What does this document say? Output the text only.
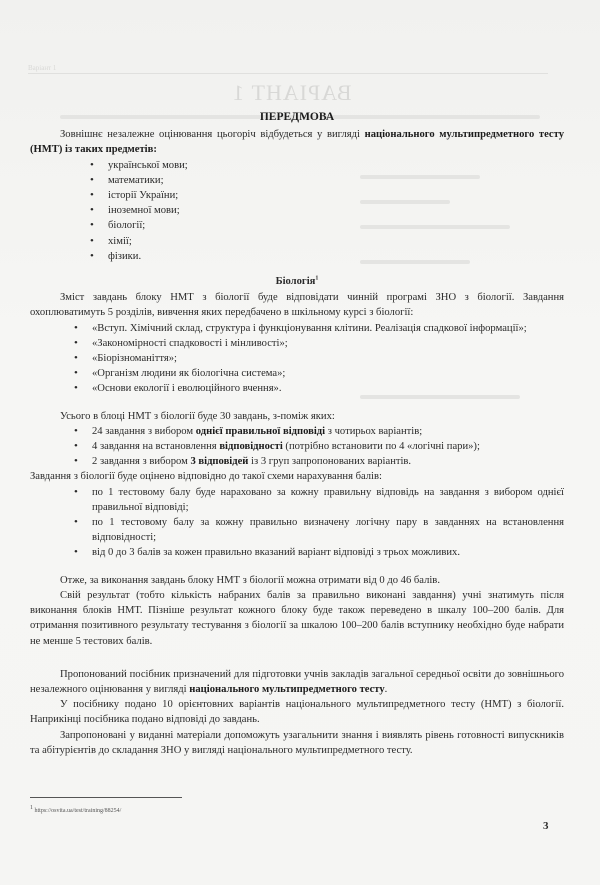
Варіант 1
ВАРІАНТ 1
ПЕРЕДМОВА

Зовнішнє незалежне оцінювання цьогоріч відбудеться у вигляді національного мультипредметного тесту (НМТ) із таких предметів:

• української мови;
• математики;
• історії України;
• іноземної мови;
• біології;
• хімії;
• фізики.
Біологія$^1$

Зміст завдань блоку НМТ з біології буде відповідати чинній програмі ЗНО з біології. Завдання охоплюватимуть 5 розділів, вивчення яких передбачено в шкільному курсі з біології:

• «Вступ. Хімічний склад, структура і функціонування клітини. Реалізація спадкової інформації»;
• «Закономірності спадковості і мінливості»;
• «Біорізноманіття»;
• «Організм людини як біологічна система»;
• «Основи екології і еволюційного вчення».

Усього в блоці НМТ з біології буде 30 завдань, з-поміж яких:

• 24 завдання з вибором однієї правильної відповіді з чотирьох варіантів;
• 4 завдання на встановлення відповідності (потрібно встановити по 4 «логічні пари»);
• 2 завдання з вибором 3 відповідей із 3 груп запропонованих варіантів.

Завдання з біології буде оцінено відповідно до такої схеми нарахування балів:

• по 1 тестовому балу буде нараховано за кожну правильну відповідь на завдання з вибором однієї правильної відповіді;
• по 1 тестовому балу за кожну правильно визначену логічну пару в завданнях на встановлення відповідності;
• від 0 до 3 балів за кожен правильно вказаний варіант відповіді з трьох можливих.

Отже, за виконання завдань блоку НМТ з біології можна отримати від 0 до 46 балів.

Свій результат (тобто кількість набраних балів за правильно виконані завдання) учні знатимуть після виконання блоків НМТ. Пізніше результат кожного блоку буде також переведено в шкалу 100–200 балів. Для отримання позитивного результату тестування з біології за шкалою 100–200 балів вступнику необхідно буде набрати не менше 5 тестових балів.

Пропонований посібник призначений для підготовки учнів закладів загальної середньої освіти до зовнішнього незалежного оцінювання у вигляді національного мультипредметного тесту.

У посібнику подано 10 орієнтовних варіантів національного мультипредметного тесту (НМТ) з біології. Наприкінці посібника подано відповіді до завдань.

Запропоновані у виданні матеріали допоможуть узагальнити знання і виявлять рівень готовності випускників та абітурієнтів до складання ЗНО у вигляді національного мультипредметного тесту.

$^1$ https://osvita.ua/test/training/88254/
3
